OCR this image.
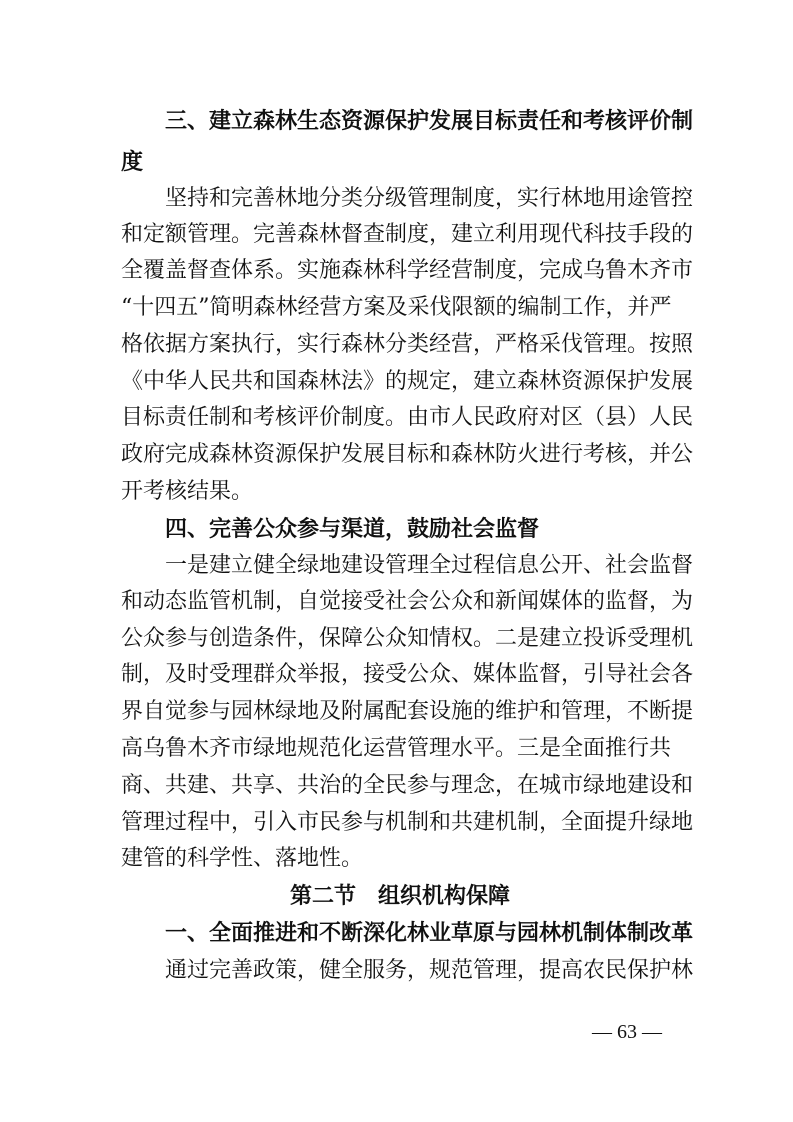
三、建立森林生态资源保护发展目标责任和考核评价制
度
坚持和完善林地分类分级管理制度，实行林地用途管控
和定额管理。完善森林督查制度，建立利用现代科技手段的
全覆盖督查体系。实施森林科学经营制度，完成乌鲁木齐市
“十四五”简明森林经营方案及采伐限额的编制工作，并严
格依据方案执行，实行森林分类经营，严格采伐管理。按照
《中华人民共和国森林法》的规定，建立森林资源保护发展
目标责任制和考核评价制度。由市人民政府对区（县）人民
政府完成森林资源保护发展目标和森林防火进行考核，并公
开考核结果。
四、完善公众参与渠道，鼓励社会监督
一是建立健全绿地建设管理全过程信息公开、社会监督
和动态监管机制，自觉接受社会公众和新闻媒体的监督，为
公众参与创造条件，保障公众知情权。二是建立投诉受理机
制，及时受理群众举报，接受公众、媒体监督，引导社会各
界自觉参与园林绿地及附属配套设施的维护和管理，不断提
高乌鲁木齐市绿地规范化运营管理水平。三是全面推行共
商、共建、共享、共治的全民参与理念，在城市绿地建设和
管理过程中，引入市民参与机制和共建机制，全面提升绿地
建管的科学性、落地性。
第二节　组织机构保障
一、全面推进和不断深化林业草原与园林机制体制改革
通过完善政策，健全服务，规范管理，提高农民保护林
— 63 —
